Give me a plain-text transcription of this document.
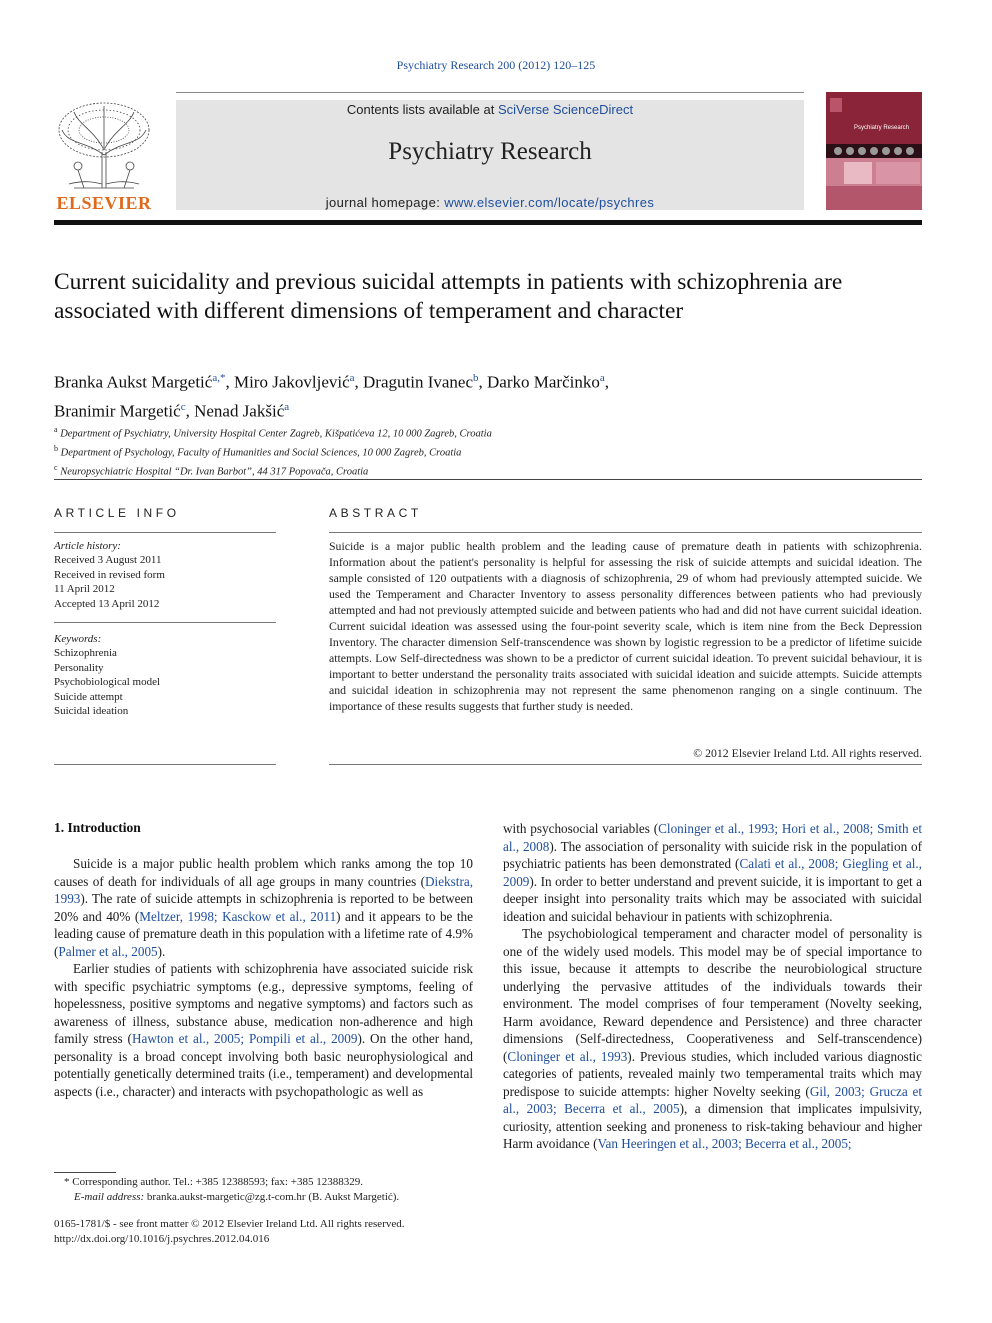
Psychiatry Research 200 (2012) 120–125
ELSEVIER
Contents lists available at SciVerse ScienceDirect
Psychiatry Research
journal homepage: www.elsevier.com/locate/psychres
Psychiatry Research
Current suicidality and previous suicidal attempts in patients with schizophrenia are associated with different dimensions of temperament and character
Branka Aukst Margetić$^{a,*}$, Miro Jakovljević$^a$, Dragutin Ivanec$^b$, Darko Marčinko$^a$,
Branimir Margetić$^c$, Nenad Jakšić$^a$
$^a$ Department of Psychiatry, University Hospital Center Zagreb, Kišpatićeva 12, 10 000 Zagreb, Croatia
$^b$ Department of Psychology, Faculty of Humanities and Social Sciences, 10 000 Zagreb, Croatia
$^c$ Neuropsychiatric Hospital “Dr. Ivan Barbot”, 44 317 Popovača, Croatia
ARTICLE INFO
Article history:
Received 3 August 2011
Received in revised form
11 April 2012
Accepted 13 April 2012
Keywords:
Schizophrenia
Personality
Psychobiological model
Suicide attempt
Suicidal ideation
ABSTRACT
Suicide is a major public health problem and the leading cause of premature death in patients with schizophrenia. Information about the patient's personality is helpful for assessing the risk of suicide attempts and suicidal ideation. The sample consisted of 120 outpatients with a diagnosis of schizophrenia, 29 of whom had previously attempted suicide. We used the Temperament and Character Inventory to assess personality differences between patients who had previously attempted and had not previously attempted suicide and between patients who had and did not have current suicidal ideation. Current suicidal ideation was assessed using the four-point severity scale, which is item nine from the Beck Depression Inventory. The character dimension Self-transcendence was shown by logistic regression to be a predictor of lifetime suicide attempts. Low Self-directedness was shown to be a predictor of current suicidal ideation. To prevent suicidal behaviour, it is important to better understand the personality traits associated with suicidal ideation and suicide attempts. Suicide attempts and suicidal ideation in schizophrenia may not represent the same phenomenon ranging on a single continuum. The importance of these results suggests that further study is needed.
© 2012 Elsevier Ireland Ltd. All rights reserved.
1. Introduction

Suicide is a major public health problem which ranks among the top 10 causes of death for individuals of all age groups in many countries (Diekstra, 1993). The rate of suicide attempts in schizophrenia is reported to be between 20% and 40% (Meltzer, 1998; Kasckow et al., 2011) and it appears to be the leading cause of premature death in this population with a lifetime rate of 4.9% (Palmer et al., 2005).

Earlier studies of patients with schizophrenia have associated suicide risk with specific psychiatric symptoms (e.g., depressive symptoms, feeling of hopelessness, positive symptoms and negative symptoms) and factors such as awareness of illness, substance abuse, medication non-adherence and high family stress (Hawton et al., 2005; Pompili et al., 2009). On the other hand, personality is a broad concept involving both basic neurophysiological and potentially genetically determined traits (i.e., temperament) and developmental aspects (i.e., character) and interacts with psychopathologic as well as

with psychosocial variables (Cloninger et al., 1993; Hori et al., 2008; Smith et al., 2008). The association of personality with suicide risk in the population of psychiatric patients has been demonstrated (Calati et al., 2008; Giegling et al., 2009). In order to better understand and prevent suicide, it is important to get a deeper insight into personality traits which may be associated with suicidal ideation and suicidal behaviour in patients with schizophrenia.

The psychobiological temperament and character model of personality is one of the widely used models. This model may be of special importance to this issue, because it attempts to describe the neurobiological structure underlying the pervasive attitudes of the individuals towards their environment. The model comprises of four temperament (Novelty seeking, Harm avoidance, Reward dependence and Persistence) and three character dimensions (Self-directedness, Cooperativeness and Self-transcendence) (Cloninger et al., 1993). Previous studies, which included various diagnostic categories of patients, revealed mainly two temperamental traits which may predispose to suicide attempts: higher Novelty seeking (Gil, 2003; Grucza et al., 2003; Becerra et al., 2005), a dimension that implicates impulsivity, curiosity, attention seeking and proneness to risk-taking behaviour and higher Harm avoidance (Van Heeringen et al., 2003; Becerra et al., 2005;

* Corresponding author. Tel.: +385 12388593; fax: +385 12388329.
E-mail address: branka.aukst-margetic@zg.t-com.hr (B. Aukst Margetić).
0165-1781/$ - see front matter © 2012 Elsevier Ireland Ltd. All rights reserved.
http://dx.doi.org/10.1016/j.psychres.2012.04.016
